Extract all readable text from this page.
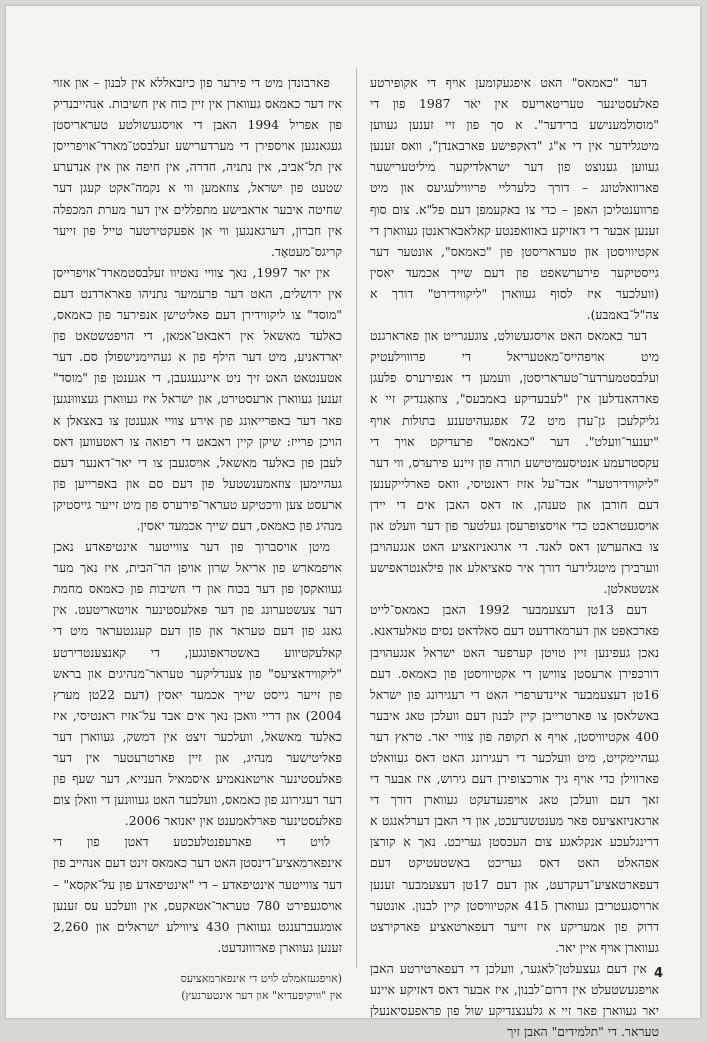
דער "כאמאס" האט איפגעקומען אויף די אקופירטע פאלעסטינער טעריטאריעס אין יאר 1987 פון די "מוסולמענישע ברידער". א סך פון זיי זענען געווען מיטגלידער אין די א"ג "דאקפישע פארבאנדן", וואס זענען געווען גענוצט פון דער ישראלדיקער מיליטערישער פארוואלטונג – דורך כלערליי פריווילעגיעס און מיט פרווענטליכן האפן – כדי צו באקעמפן דעם פל"א. צום סוף זענען אבער די דאזיקע באוואפנטע קאלאבאראנטן געווארן די אקטיוויסטן און טעראריסטן פון "כאמאס", אונטער דער גייסטיקער פירערשאפט פון דעם שייך אכמעד יאסין (וועלכער איז לסוף געווארן "ליקווידירט" דורך א צה"ל־באמבע).

דער כאמאס האט אויסגעשולט, צוגעגרייט און פארארגנט מיט אויפהייס־מאטעריאל די פרוווילעטיק ועלבסטמערדער־טעראריסטן, וועמען די אנפירערס פלעגן פארהאנדלען אין "לעבעדיקע באמבעס", צוזאַגנדיק זיי א גליקלעכן גן־עדן מיט 72 אפגעהיטענע בתולות אויף "יענער־וועלט". דער "כאמאס" פרעדיקט אויך די עקסטרעמע אנטיסעמיטישע תורה פון זיינע פירערס, ווי דער "ליקווידירטער" אבד־על אזיז ראנטיסי, וואס פארלייקענען דעם חורבן און טענהן, אז דאס האבן אים די יידן אויסגעטראכט כדי אויסצופרעסן געלטער פון דער וועלט און צו באהערשן דאס לאנד. די ארגאניזאציע האט אנגעהויבן ווערבירן מיטגלידער דורך איר סאציאלע און פילאנטראפישע אנשטאלטן.

דעם 13טן דעצעמבער 1992 האבן כאמאס־לייט פארכאפט און דערמארדעט דעם סאלדאט נסים טאלעדאנא. נאכן געפינען זיין טויטן קערפער האט ישראל אנגעהויבן דורכפירן ארעסטן צווישן די אקטיוויסטן פון כאמאס. דעם 16טן דעצעמבער איינדערפרי האט די רעגירונג פון ישראל באשלאסן צו פארטרייבן קיין לבנון דעם וועלכן טאג איבער 400 אקטיוויסטן, אויף א תקופה פון צוויי יאר. טראץ דער געהיימקייט, מיט וועלכער די רעגירונג האט דאס געוואלט פארווילן כדי אויף גיך אורכצופירן דעם גירוש, איז אבער די זאך דעם וועלכן טאג אויפגעדעקט געווארן דורך די ארגאניזאציעס פאר מענטשנרעכט, און די האבן דערלאנגט א דרינגלעכע אנקלאגע צום העכסטן געריכט. נאך א קורצן אפהאלט האט דאס געריכט באשטעטיקט דעם דעפארטאציע־דעקרעט, און דעם 17טן דעצעמבער זענען ארויסגעטריבן געווארן 415 אקטיוויסטן קיין לבנון. אונטער דרוק פון אמעריקע איז זייער דעפארטאציע פארקירצט געווארן אויף איין יאר.

אין דעם געצעלטן־לאגער, וועלכן די דעפארטירטע האבן אויפגעשטעלט אין דרום־לבנון, איז אבער דאס דאזיקע איינע יאר געווארן פאר זיי א גלענצנדיקע שול פון פראפעסיאנעלן טעראר. די "תלמידים" האבן זיך

פארבונדן מיט די פירער פון כיזבאללא אין לבנון – און אזוי איז דער כאמאס געווארן אין זיין כוח אין חשיבות. אנהייבנדיק פון אפריל 1994 האבן די אויסגעשולטע טעראריסטן געגאנגען אויספירן די מערדערישע זעלבסט־מארד־אויפרייסן אין תל־אביב, אין נתניה, חדרה, אין חיפה און אין אנדערע שטעט פון ישראל, צוזאמען ווי א נקמה־אקט קעגן דער שחיטה איבער אראבישע מתפללים אין דער מערת המכפלה אין חברון, דערגאנגען ווי אן אפעקטירטער טייל פון זייער קריגס־מעטאָד.

אין יאר 1997, נאך צוויי נאטיוו זעלבסטמארד־אויפרייסן אין ירושלים, האט דער פרעמיער נתניהו פארארדנט דעם "מוסד" צו ליקווידירן דעם פאליטישן אנפירער פון כאמאס, כאלעד מאשאל אין ראבאט־אמאן, די הויפטשטאט פון יארדאניע, מיט דער הילף פון א געהיימנישפולן סם. דער אטענטאט האט זיך ניט איינגעגעבן, די אגענטן פון "מוסד" זענען געווארן ארעסטירט, און ישראל איז געווארן געצוווּנגען פאר דער באפרייאונג פון אירע צוויי אגענטן צו באצאלן א הויכן פרייז: שיקן קיין ראבאט די רפואה צו ראטעווען דאס לעבן פון כאלעד מאשאל, אויסגעבן צו די יאר־דאנער דעם געהיימען צוזאמענשטעל פון דעם סם און באפרייען פון ארעסט צען וויכטיקע טעראר־פירערס פון מיט זייער גייסטיקן מנהיג פון כאמאס, דעם שייך אכמעד יאסין.

מיטן אויסברוך פון דער צווייטער אינטיפאדע נאכן אויפמארש פון אריאל שרון אויפן הר־הבית, איז נאך מער געוואקסן פון דער בכוח און די חשיבות פון כאמאס מחמת דער צעשטערונג פון דער פאלעסטינער אויטאריטעט. אין גאנג פון דעם טעראר און פון דעם קעגנטעראר מיט די קאלעקטיווע באשטראפונגען, די קאנצענטרירטע "ליקווידאציעס" פון צענדליקער טעראר־מנהיגים און בראש פון זייער גייסט שייך אכמעד יאסין (דעם 22טן מערץ 2004) און דריי וואכן נאך אים אבד על־אזיז ראנטיסי, איז כאלעד מאשאל, וועלכער זיצט אין דמשק, געווארן דער פאליטישער מנהיג, און זיין פארטרעטער אין דער פאלעסטינער אויטאנאמיע איסמאיל הענייא, דער שעף פון דער רעגירונג פון כאמאס, וועלכער האט געוווּנען די וואלן צום פאלעסטינער פארלאמענט אין יאנואר 2006.

לויט די פארעפנטלעכטע דאטן פון די אינפארמאציע־דינסטן האט דער כאמאס זינט דעם אנהייב פון דער צווייטער אינטיפאדע – די "אינטיפאדע פון על־אקסא" – אויסגעפירט 780 טעראר־אטאקעס, אין וועלכע עס זענען אומגעברענגט געווארן 430 ציווילע ישראלים און 2,260 זענען געווארן פארוווּנדעט.

(אויפגעזאמלט לויט די אינפארמאציעס
אין "וויקיפעדיא" און דער אינטערנעץ)
4
